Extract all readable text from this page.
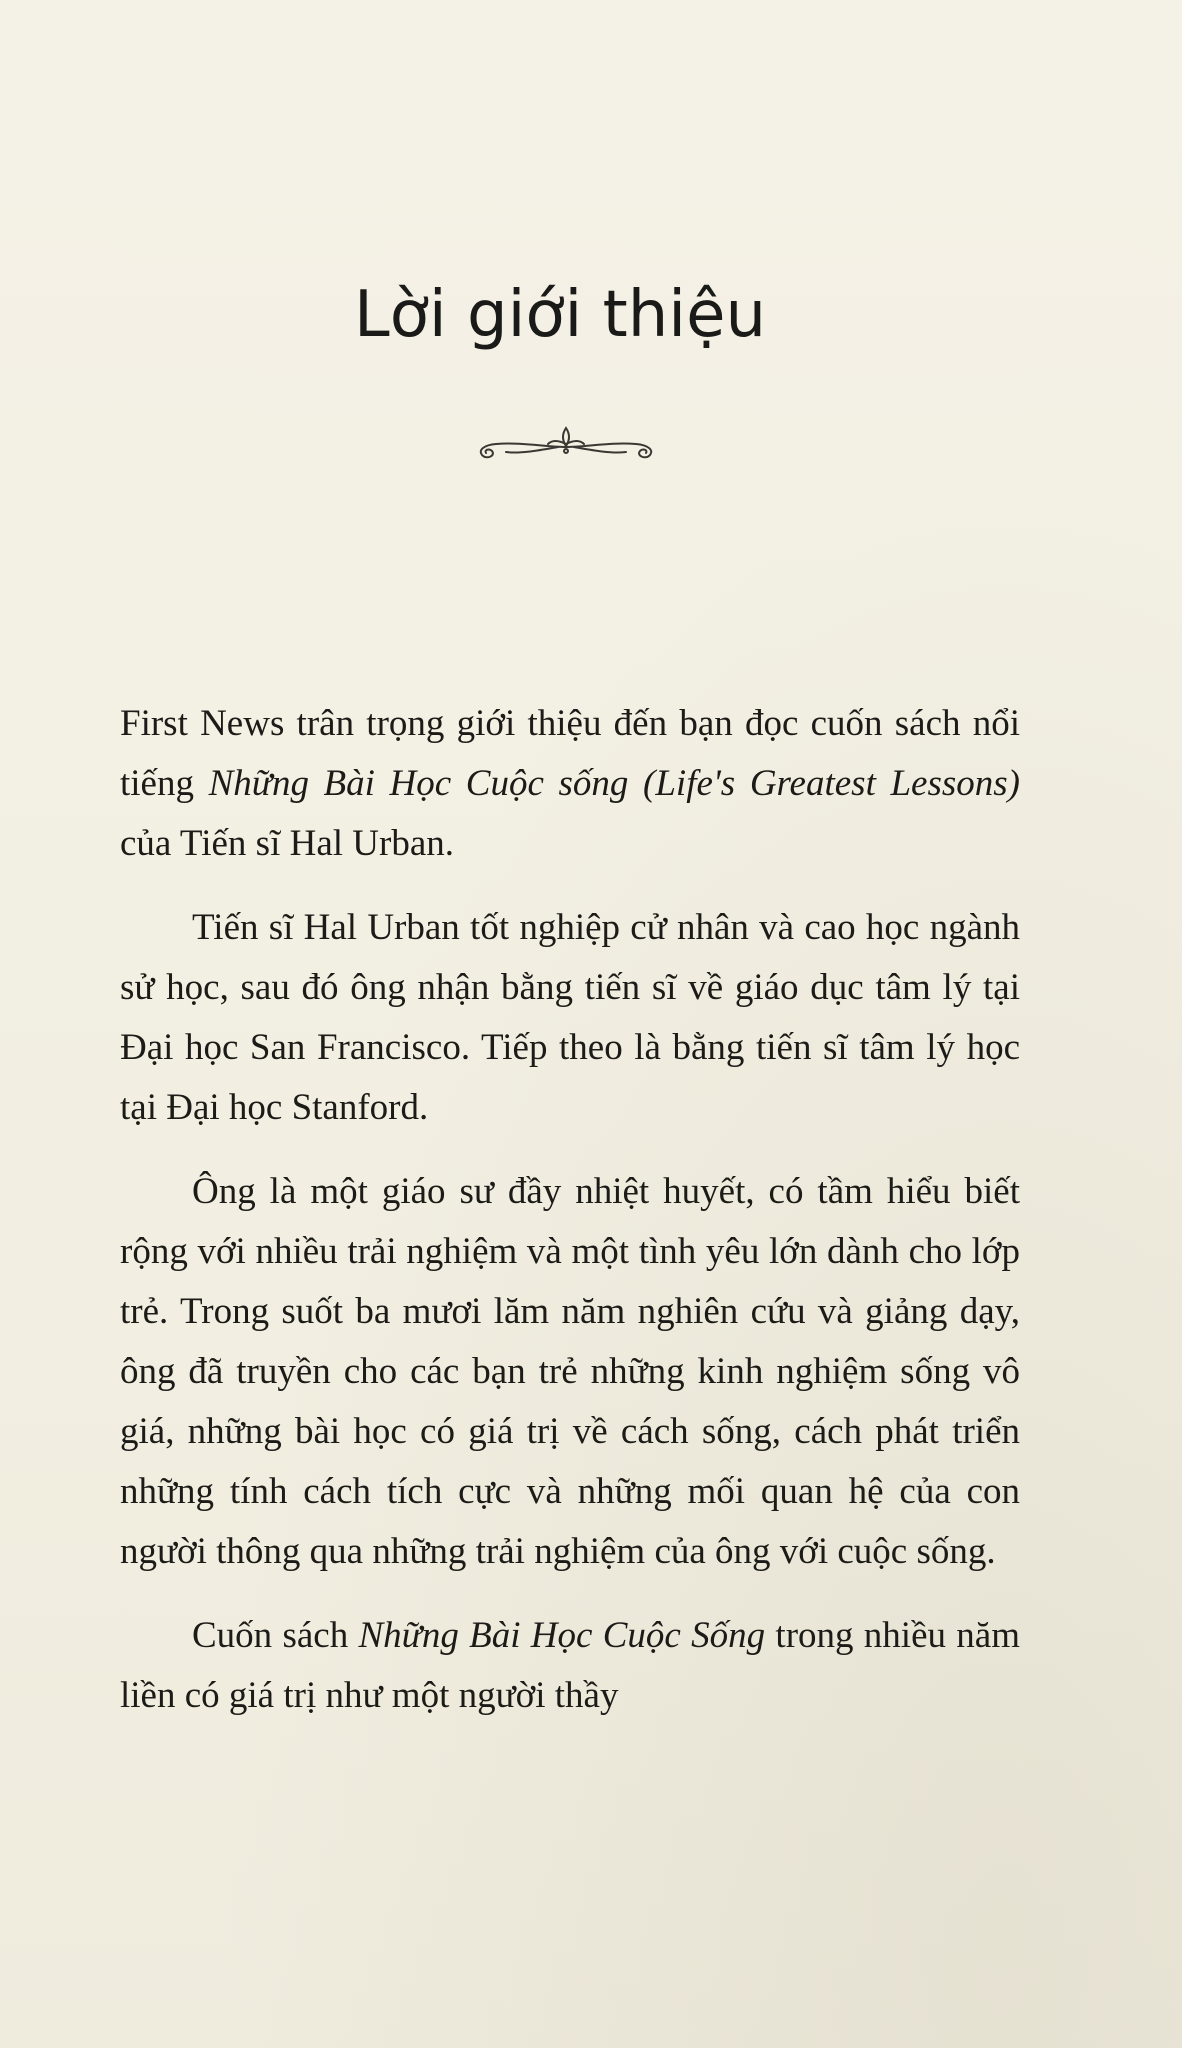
Lời giới thiệu

First News trân trọng giới thiệu đến bạn đọc cuốn sách nổi tiếng Những Bài Học Cuộc sống (Life's Greatest Lessons) của Tiến sĩ Hal Urban.

Tiến sĩ Hal Urban tốt nghiệp cử nhân và cao học ngành sử học, sau đó ông nhận bằng tiến sĩ về giáo dục tâm lý tại Đại học San Francisco. Tiếp theo là bằng tiến sĩ tâm lý học tại Đại học Stanford.

Ông là một giáo sư đầy nhiệt huyết, có tầm hiểu biết rộng với nhiều trải nghiệm và một tình yêu lớn dành cho lớp trẻ. Trong suốt ba mươi lăm năm nghiên cứu và giảng dạy, ông đã truyền cho các bạn trẻ những kinh nghiệm sống vô giá, những bài học có giá trị về cách sống, cách phát triển những tính cách tích cực và những mối quan hệ của con người thông qua những trải nghiệm của ông với cuộc sống.

Cuốn sách Những Bài Học Cuộc Sống trong nhiều năm liền có giá trị như một người thầy
